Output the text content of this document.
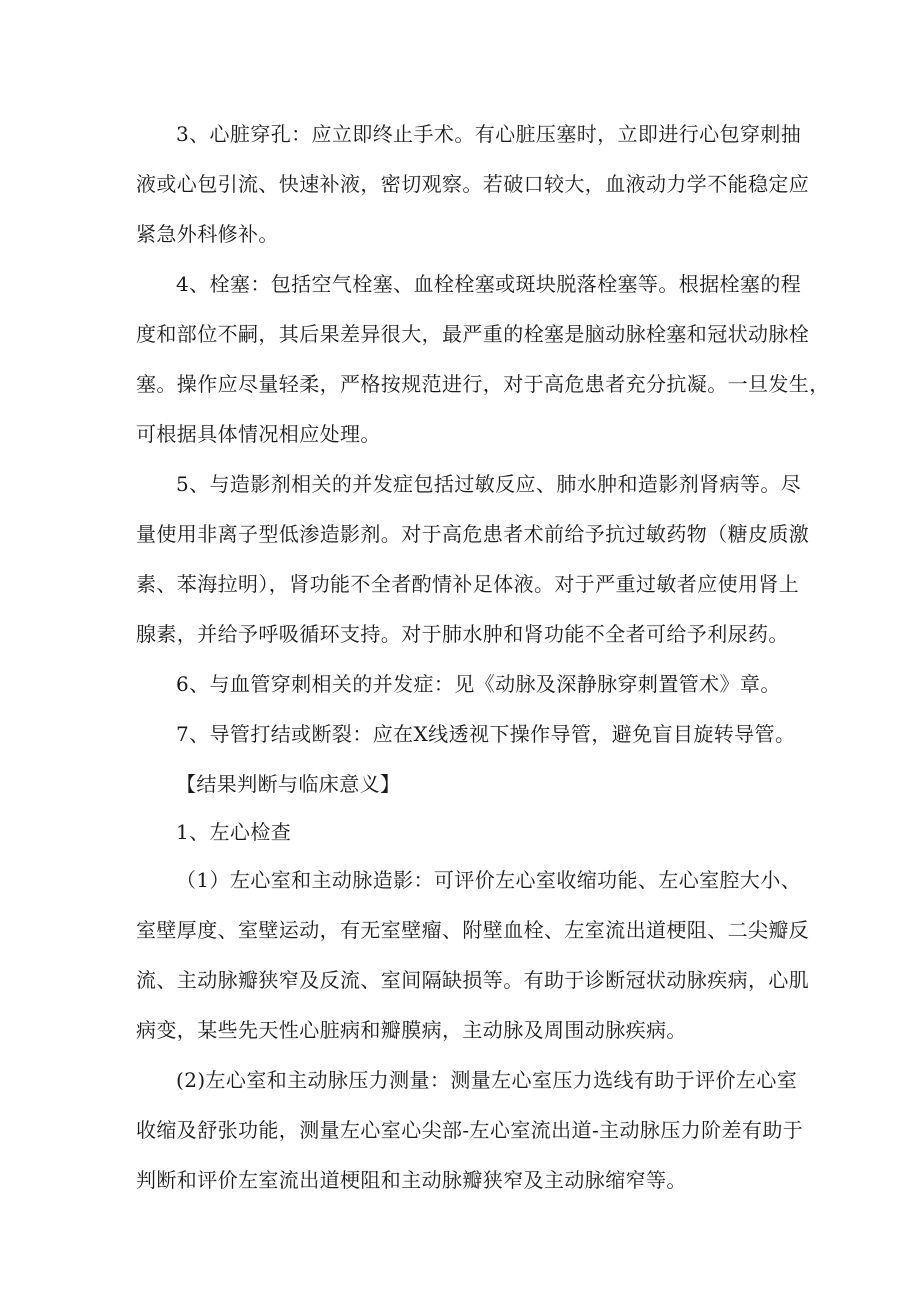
3、心脏穿孔：应立即终止手术。有心脏压塞时，立即进行心包穿刺抽
液或心包引流、快速补液，密切观察。若破口较大，血液动力学不能稳定应
紧急外科修补。
4、栓塞：包括空气栓塞、血栓栓塞或斑块脱落栓塞等。根据栓塞的程
度和部位不嗣，其后果差异很大，最严重的栓塞是脑动脉栓塞和冠状动脉栓
塞。操作应尽量轻柔，严格按规范进行，对于高危患者充分抗凝。一旦发生，
可根据具体情况相应处理。
5、与造影剂相关的并发症包括过敏反应、肺水肿和造影剂肾病等。尽
量使用非离子型低渗造影剂。对于高危患者术前给予抗过敏药物（糖皮质激
素、苯海拉明），肾功能不全者酌情补足体液。对于严重过敏者应使用肾上
腺素，并给予呼吸循环支持。对于肺水肿和肾功能不全者可给予利尿药。
6、与血管穿刺相关的并发症：见《动脉及深静脉穿刺置管术》章。
7、导管打结或断裂：应在X线透视下操作导管，避免盲目旋转导管。
【结果判断与临床意义】
1、左心检查
（1）左心室和主动脉造影：可评价左心室收缩功能、左心室腔大小、
室壁厚度、室壁运动，有无室壁瘤、附壁血栓、左室流出道梗阻、二尖瓣反
流、主动脉瓣狭窄及反流、室间隔缺损等。有助于诊断冠状动脉疾病，心肌
病变，某些先天性心脏病和瓣膜病，主动脉及周围动脉疾病。
(2)左心室和主动脉压力测量：测量左心室压力选线有助于评价左心室
收缩及舒张功能，测量左心室心尖部-左心室流出道-主动脉压力阶差有助于
判断和评价左室流出道梗阻和主动脉瓣狭窄及主动脉缩窄等。
